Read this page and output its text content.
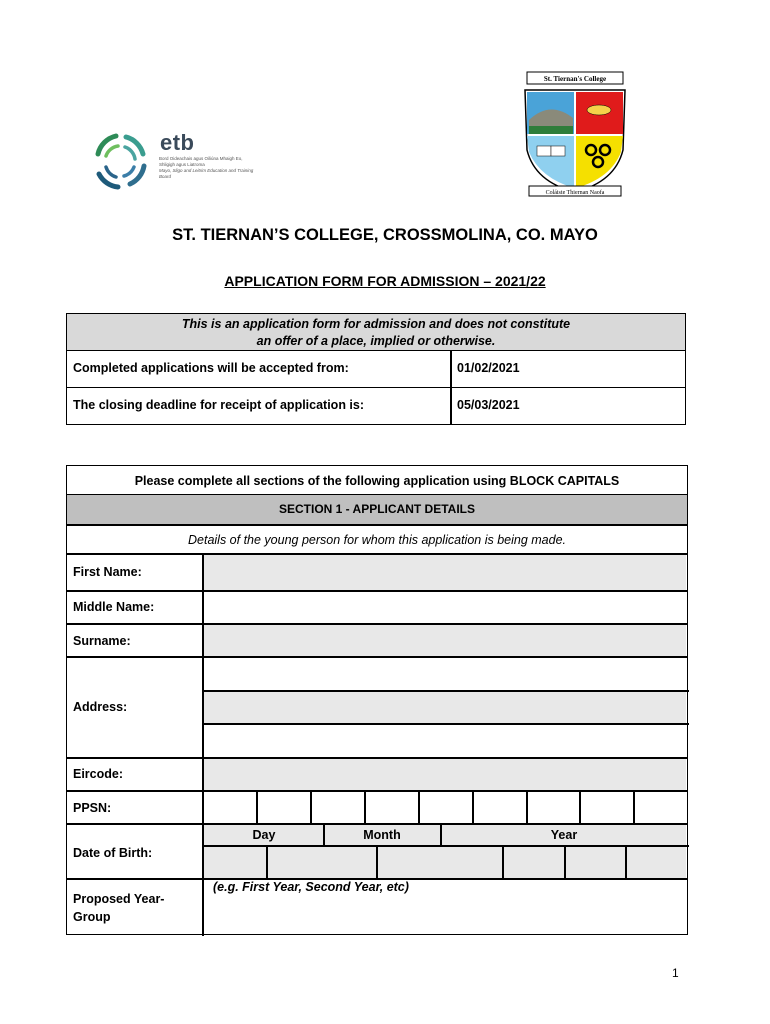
etb
Bord Oideachais agus Oiliúna Mhaigh Eo, Shligigh agus Liatroma
Mayo, Sligo and Leitrim Education and Training Board
St. Tiernan's College
Coláiste Thiernan Naofa
ST. TIERNAN’S COLLEGE, CROSSMOLINA, CO. MAYO
APPLICATION FORM FOR ADMISSION – 2021/22
This is an application form for admission and does not constitute
an offer of a place, implied or otherwise.
Completed applications will be accepted from:	01/02/2021
The closing deadline for receipt of application is:	05/03/2021
Please complete all sections of the following application using BLOCK CAPITALS
SECTION 1 - APPLICANT DETAILS
Details of the young person for whom this application is being made.
First Name:
Middle Name:
Surname:
Address:
Eircode:
PPSN:
Date of Birth:
Day	Month	Year
Proposed Year-
Group
(e.g. First Year, Second Year, etc)
1
